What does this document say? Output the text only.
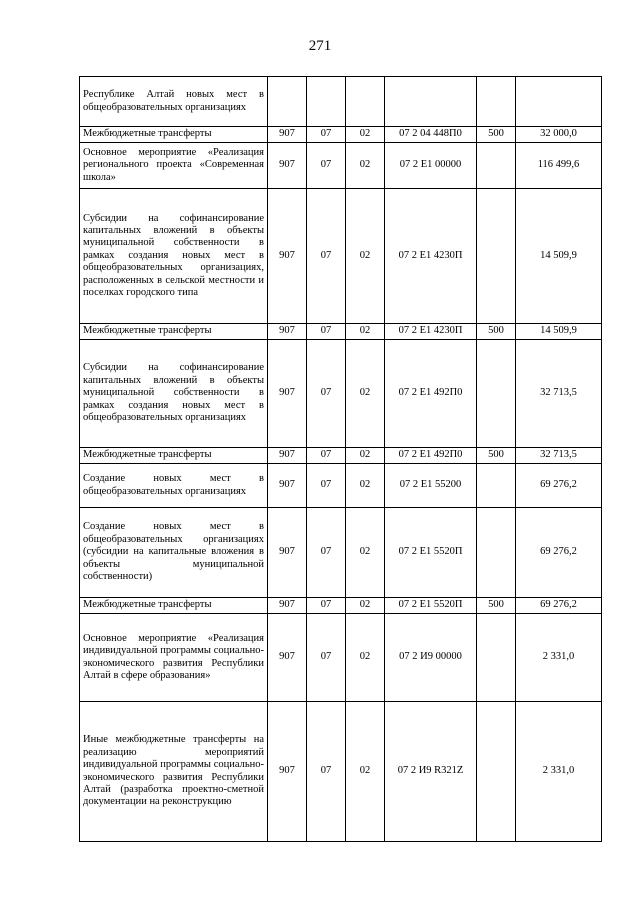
271
Республике Алтай новых мест в общеобразовательных организациях						
Межбюджетные трансферты	907	07	02	07 2 04 448П0	500	32 000,0
Основное мероприятие «Реализация регионального проекта «Современная школа»	907	07	02	07 2 Е1 00000		116 499,6
Субсидии на софинансирование капитальных вложений в объекты муниципальной собственности в рамках создания новых мест в общеобразовательных организациях, расположенных в сельской местности и поселках городского типа	907	07	02	07 2 Е1 4230П		14 509,9
Межбюджетные трансферты	907	07	02	07 2 Е1 4230П	500	14 509,9
Субсидии на софинансирование капитальных вложений в объекты муниципальной собственности в рамках создания новых мест в общеобразовательных организациях	907	07	02	07 2 Е1 492П0		32 713,5
Межбюджетные трансферты	907	07	02	07 2 Е1 492П0	500	32 713,5
Создание новых мест в общеобразовательных организациях	907	07	02	07 2 Е1 55200		69 276,2
Создание новых мест в общеобразовательных организациях (субсидии на капитальные вложения в объекты муниципальной собственности)	907	07	02	07 2 Е1 5520П		69 276,2
Межбюджетные трансферты	907	07	02	07 2 Е1 5520П	500	69 276,2
Основное мероприятие «Реализация индивидуальной программы социально-экономического развития Республики Алтай в сфере образования»	907	07	02	07 2 И9 00000		2 331,0
Иные межбюджетные трансферты на реализацию мероприятий индивидуальной программы социально-экономического развития Республики Алтай (разработка проектно-сметной документации на реконструкцию	907	07	02	07 2 И9 R321Z		2 331,0
